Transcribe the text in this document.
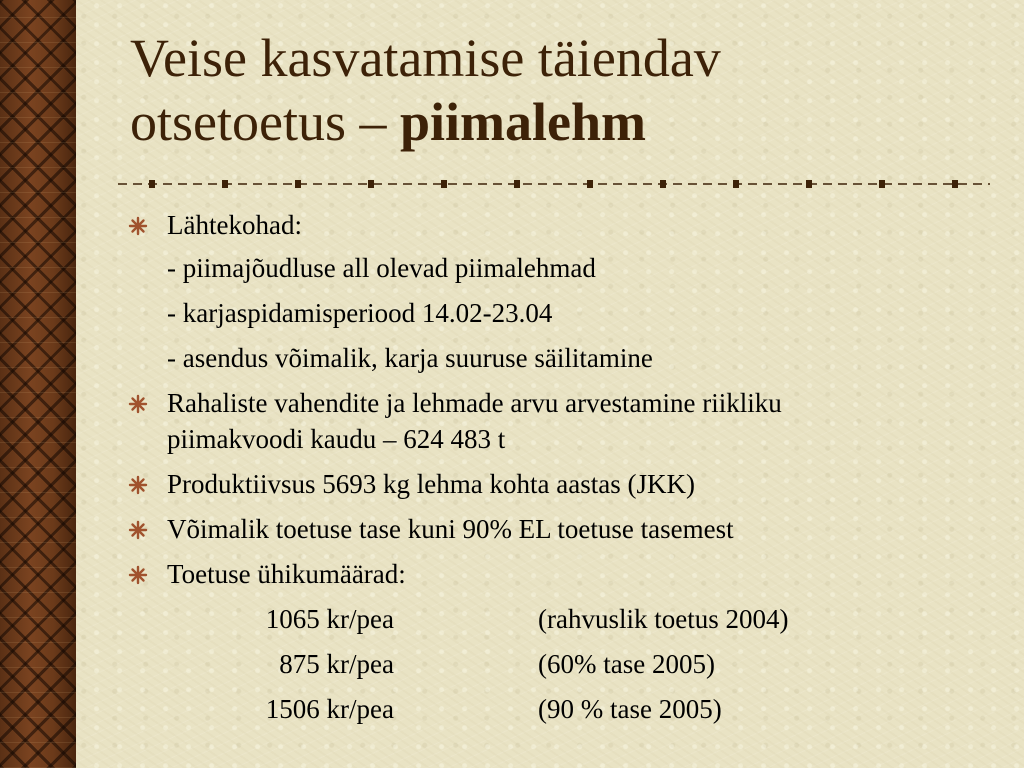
Veise kasvatamise täiendav
otsetoetus – piimalehm
Lähtekohad:
- piimajõudluse all olevad piimalehmad
- karjaspidamisperiood 14.02-23.04
- asendus võimalik, karja suuruse säilitamine
Rahaliste vahendite ja lehmade arvu arvestamine riikliku
piimakvoodi kaudu – 624 483 t
Produktiivsus 5693 kg lehma kohta aastas (JKK)
Võimalik toetuse tase kuni 90% EL toetuse tasemest
Toetuse ühikumäärad:
1065 kr/pea	(rahvuslik toetus 2004)
875 kr/pea	(60% tase 2005)
1506 kr/pea	(90 % tase 2005)
